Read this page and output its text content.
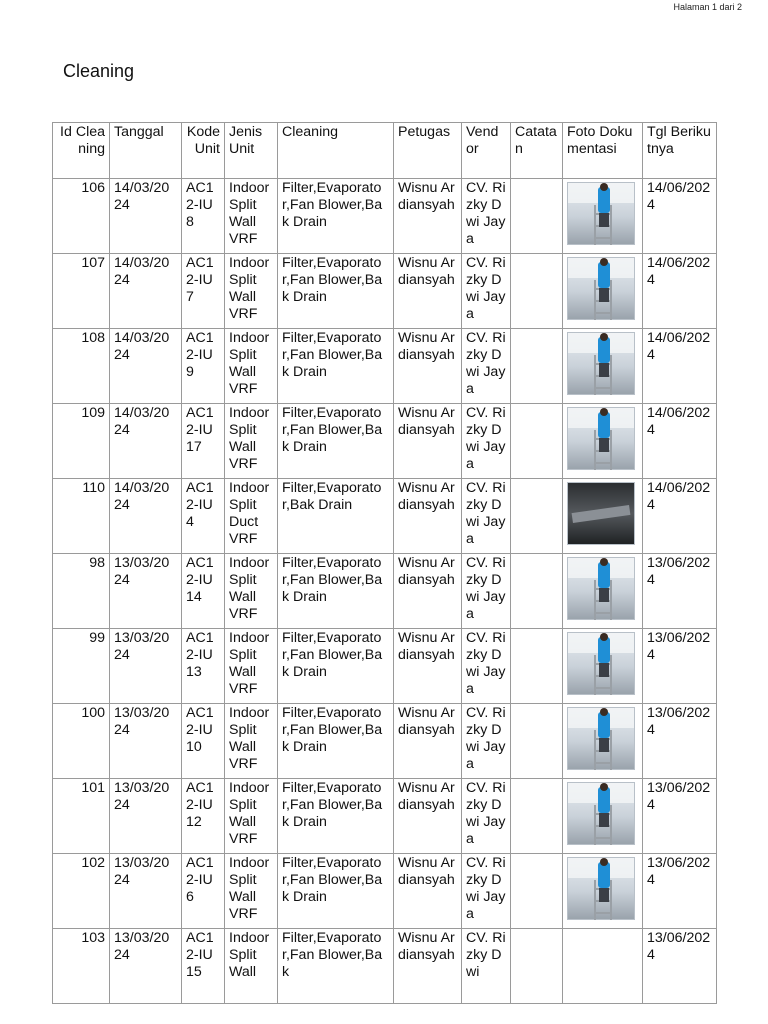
Halaman 1 dari 2
Cleaning
Id Cleaning	Tanggal	Kode Unit	Jenis Unit	Cleaning	Petugas	Vendor	Catatan	Foto Dokumentasi	Tgl Berikutnya
106	14/03/2024	AC12-IU8	Indoor Split Wall VRF	Filter,Evaporator,Fan Blower,Bak Drain	Wisnu Ardiansyah	CV. Rizky Dwi Jaya			14/06/2024
107	14/03/2024	AC12-IU7	Indoor Split Wall VRF	Filter,Evaporator,Fan Blower,Bak Drain	Wisnu Ardiansyah	CV. Rizky Dwi Jaya			14/06/2024
108	14/03/2024	AC12-IU9	Indoor Split Wall VRF	Filter,Evaporator,Fan Blower,Bak Drain	Wisnu Ardiansyah	CV. Rizky Dwi Jaya			14/06/2024
109	14/03/2024	AC12-IU17	Indoor Split Wall VRF	Filter,Evaporator,Fan Blower,Bak Drain	Wisnu Ardiansyah	CV. Rizky Dwi Jaya			14/06/2024
110	14/03/2024	AC12-IU4	Indoor Split Duct VRF	Filter,Evaporator,Bak Drain	Wisnu Ardiansyah	CV. Rizky Dwi Jaya			14/06/2024
98	13/03/2024	AC12-IU14	Indoor Split Wall VRF	Filter,Evaporator,Fan Blower,Bak Drain	Wisnu Ardiansyah	CV. Rizky Dwi Jaya			13/06/2024
99	13/03/2024	AC12-IU13	Indoor Split Wall VRF	Filter,Evaporator,Fan Blower,Bak Drain	Wisnu Ardiansyah	CV. Rizky Dwi Jaya			13/06/2024
100	13/03/2024	AC12-IU10	Indoor Split Wall VRF	Filter,Evaporator,Fan Blower,Bak Drain	Wisnu Ardiansyah	CV. Rizky Dwi Jaya			13/06/2024
101	13/03/2024	AC12-IU12	Indoor Split Wall VRF	Filter,Evaporator,Fan Blower,Bak Drain	Wisnu Ardiansyah	CV. Rizky Dwi Jaya			13/06/2024
102	13/03/2024	AC12-IU6	Indoor Split Wall VRF	Filter,Evaporator,Fan Blower,Bak Drain	Wisnu Ardiansyah	CV. Rizky Dwi Jaya			13/06/2024
103	13/03/2024	AC12-IU15	Indoor Split Wall	Filter,Evaporator,Fan Blower,Bak	Wisnu Ardiansyah	CV. Rizky Dwi			13/06/2024
